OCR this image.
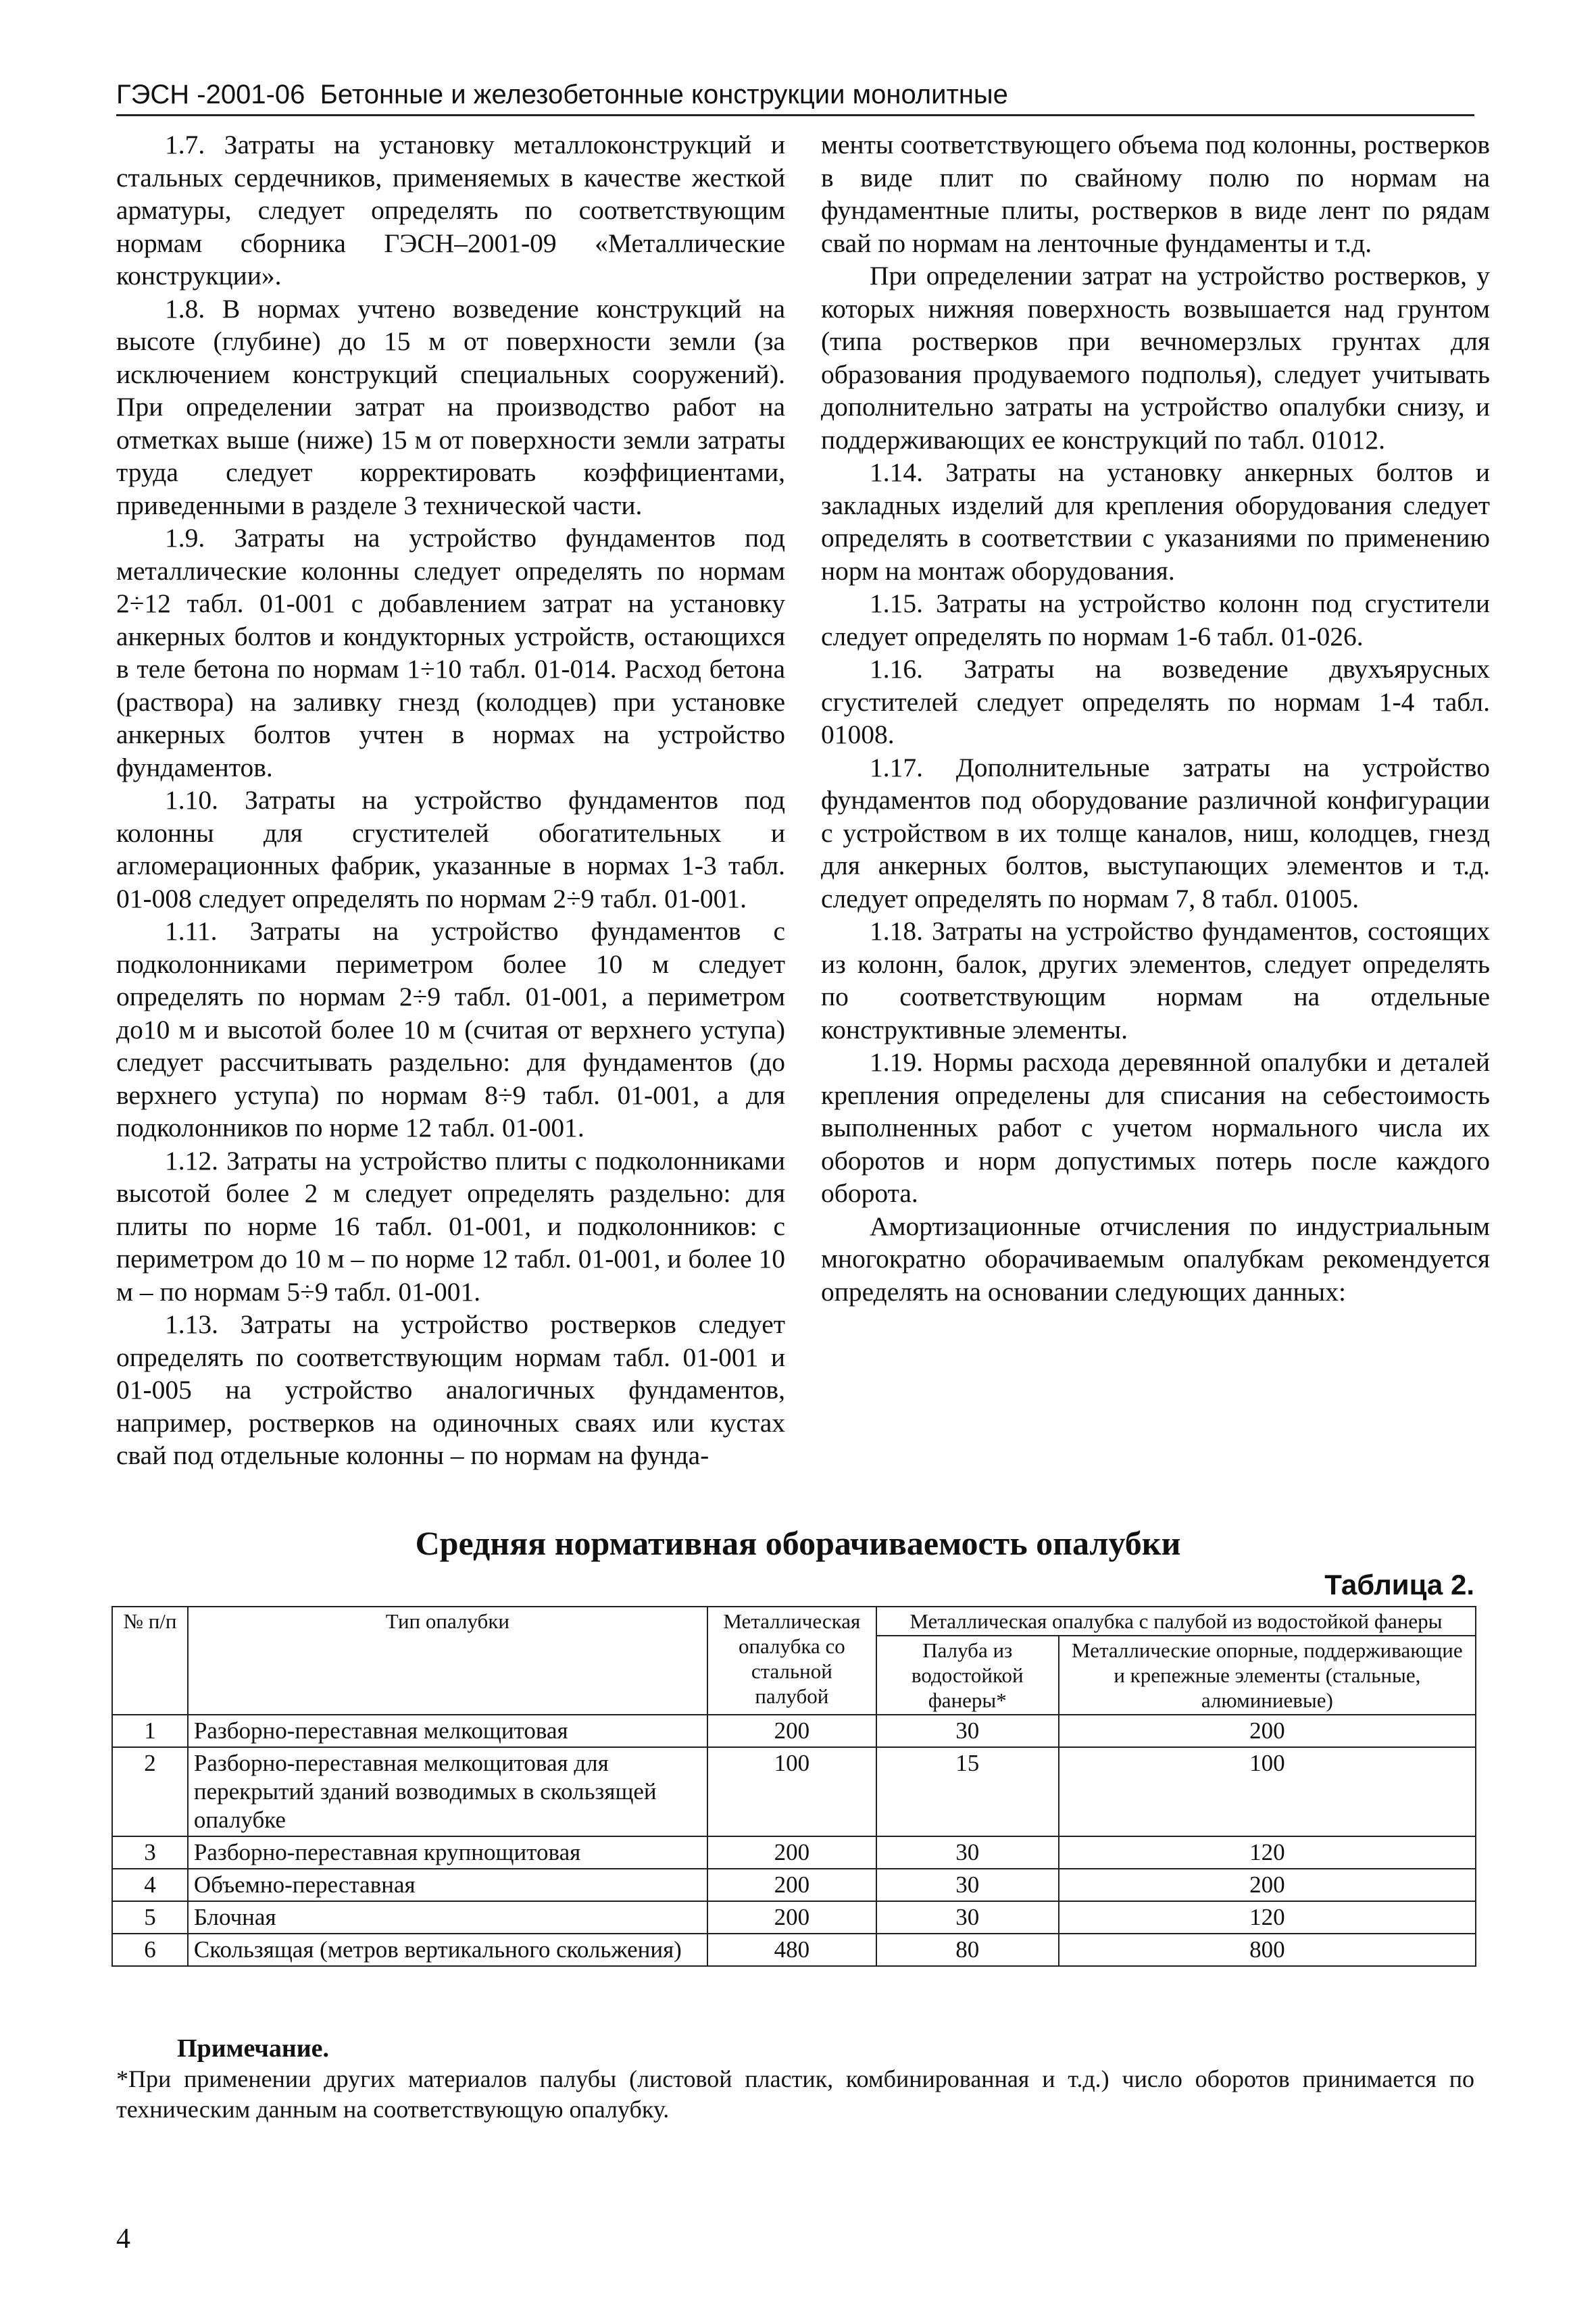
ГЭСН -2001-06 Бетонные и железобетонные конструкции монолитные

1.7. Затраты на установку металлоконструкций и стальных сердечников, применяемых в качестве жесткой арматуры, следует определять по соответствующим нормам сборника ГЭСН–2001-09 «Металлические конструкции».

1.8. В нормах учтено возведение конструкций на высоте (глубине) до 15 м от поверхности земли (за исключением конструкций специальных сооружений). При определении затрат на производство работ на отметках выше (ниже) 15 м от поверхности земли затраты труда следует корректировать коэффициентами, приведенными в разделе 3 технической части.

1.9. Затраты на устройство фундаментов под металлические колонны следует определять по нормам 2÷12 табл. 01-001 с добавлением затрат на установку анкерных болтов и кондукторных устройств, остающихся в теле бетона по нормам 1÷10 табл. 01-014. Расход бетона (раствора) на заливку гнезд (колодцев) при установке анкерных болтов учтен в нормах на устройство фундаментов.

1.10. Затраты на устройство фундаментов под колонны для сгустителей обогатительных и агломерационных фабрик, указанные в нормах 1-3 табл. 01-008 следует определять по нормам 2÷9 табл. 01-001.

1.11. Затраты на устройство фундаментов с подколонниками периметром более 10 м следует определять по нормам 2÷9 табл. 01-001, а периметром до10 м и высотой более 10 м (считая от верхнего уступа) следует рассчитывать раздельно: для фундаментов (до верхнего уступа) по нормам 8÷9 табл. 01-001, а для подколонников по норме 12 табл. 01-001.

1.12. Затраты на устройство плиты с подколонниками высотой более 2 м следует определять раздельно: для плиты по норме 16 табл. 01-001, и подколонников: с периметром до 10 м – по норме 12 табл. 01-001, и более 10 м – по нормам 5÷9 табл. 01-001.

1.13. Затраты на устройство ростверков следует определять по соответствующим нормам табл. 01-001 и 01-005 на устройство аналогичных фундаментов, например, ростверков на одиночных сваях или кустах свай под отдельные колонны – по нормам на фунда-

менты соответствующего объема под колонны, ростверков в виде плит по свайному полю по нормам на фундаментные плиты, ростверков в виде лент по рядам свай по нормам на ленточные фундаменты и т.д.

При определении затрат на устройство ростверков, у которых нижняя поверхность возвышается над грунтом (типа ростверков при вечномерзлых грунтах для образования продуваемого подполья), следует учитывать дополнительно затраты на устройство опалубки снизу, и поддерживающих ее конструкций по табл. 01012.

1.14. Затраты на установку анкерных болтов и закладных изделий для крепления оборудования следует определять в соответствии с указаниями по применению норм на монтаж оборудования.

1.15. Затраты на устройство колонн под сгустители следует определять по нормам 1-6 табл. 01-026.

1.16. Затраты на возведение двухъярусных сгустителей следует определять по нормам 1-4 табл. 01008.

1.17. Дополнительные затраты на устройство фундаментов под оборудование различной конфигурации с устройством в их толще каналов, ниш, колодцев, гнезд для анкерных болтов, выступающих элементов и т.д. следует определять по нормам 7, 8 табл. 01005.

1.18. Затраты на устройство фундаментов, состоящих из колонн, балок, других элементов, следует определять по соответствующим нормам на отдельные конструктивные элементы.

1.19. Нормы расхода деревянной опалубки и деталей крепления определены для списания на себестоимость выполненных работ с учетом нормального числа их оборотов и норм допустимых потерь после каждого оборота.

Амортизационные отчисления по индустриальным многократно оборачиваемым опалубкам рекомендуется определять на основании следующих данных:

Средняя нормативная оборачиваемость опалубки
Таблица 2.
№ п/п	Тип опалубки	Металлическая опалубка со стальной палубой	Металлическая опалубка с палубой из водостойкой фанеры	
			Палуба из водостойкой фанеры*	Металлические опорные, поддерживающие и крепежные элементы (стальные, алюминиевые)
1	Разборно-переставная мелкощитовая	200	30	200
2	Разборно-переставная мелкощитовая для перекрытий зданий возводимых в скользящей опалубке	100	15	100
3	Разборно-переставная крупнощитовая	200	30	120
4	Объемно-переставная	200	30	200
5	Блочная	200	30	120
6	Скользящая (метров вертикального скольжения)	480	80	800
Примечание.
*При применении других материалов палубы (листовой пластик, комбинированная и т.д.) число оборотов принимается по техническим данным на соответствующую опалубку.
4
